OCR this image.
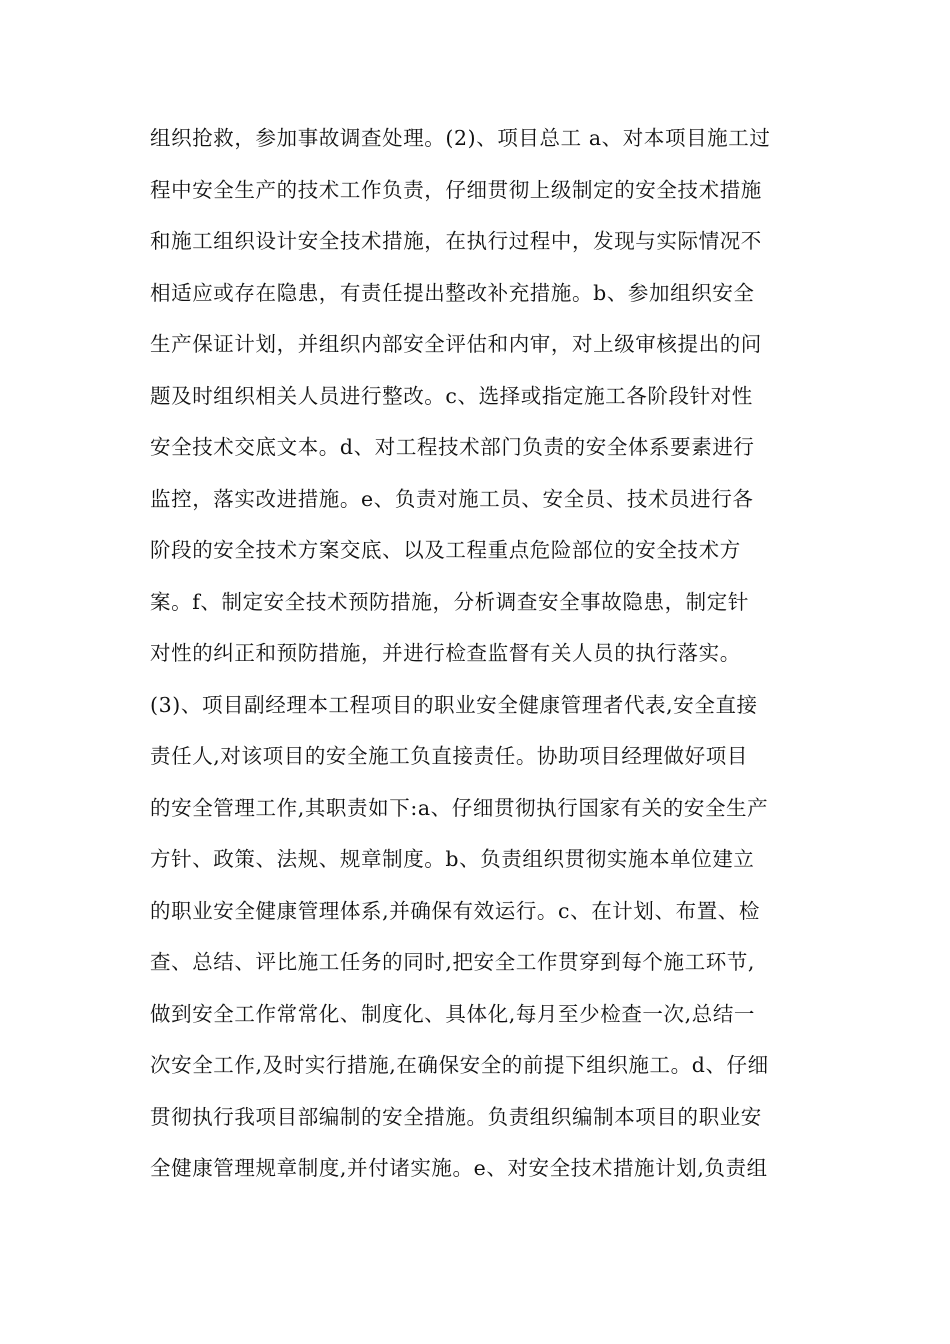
组织抢救，参加事故调查处理。(2)、项目总工 a、对本项目施工过
程中安全生产的技术工作负责，仔细贯彻上级制定的安全技术措施
和施工组织设计安全技术措施，在执行过程中，发现与实际情况不
相适应或存在隐患，有责任提出整改补充措施。b、参加组织安全
生产保证计划，并组织内部安全评估和内审，对上级审核提出的问
题及时组织相关人员进行整改。c、选择或指定施工各阶段针对性
安全技术交底文本。d、对工程技术部门负责的安全体系要素进行
监控，落实改进措施。e、负责对施工员、安全员、技术员进行各
阶段的安全技术方案交底、以及工程重点危险部位的安全技术方
案。f、制定安全技术预防措施，分析调查安全事故隐患，制定针
对性的纠正和预防措施，并进行检查监督有关人员的执行落实。
(3)、项目副经理本工程项目的职业安全健康管理者代表,安全直接
责任人,对该项目的安全施工负直接责任。协助项目经理做好项目
的安全管理工作,其职责如下:a、仔细贯彻执行国家有关的安全生产
方针、政策、法规、规章制度。b、负责组织贯彻实施本单位建立
的职业安全健康管理体系,并确保有效运行。c、在计划、布置、检
查、总结、评比施工任务的同时,把安全工作贯穿到每个施工环节,
做到安全工作常常化、制度化、具体化,每月至少检查一次,总结一
次安全工作,及时实行措施,在确保安全的前提下组织施工。d、仔细
贯彻执行我项目部编制的安全措施。负责组织编制本项目的职业安
全健康管理规章制度,并付诸实施。e、对安全技术措施计划,负责组
